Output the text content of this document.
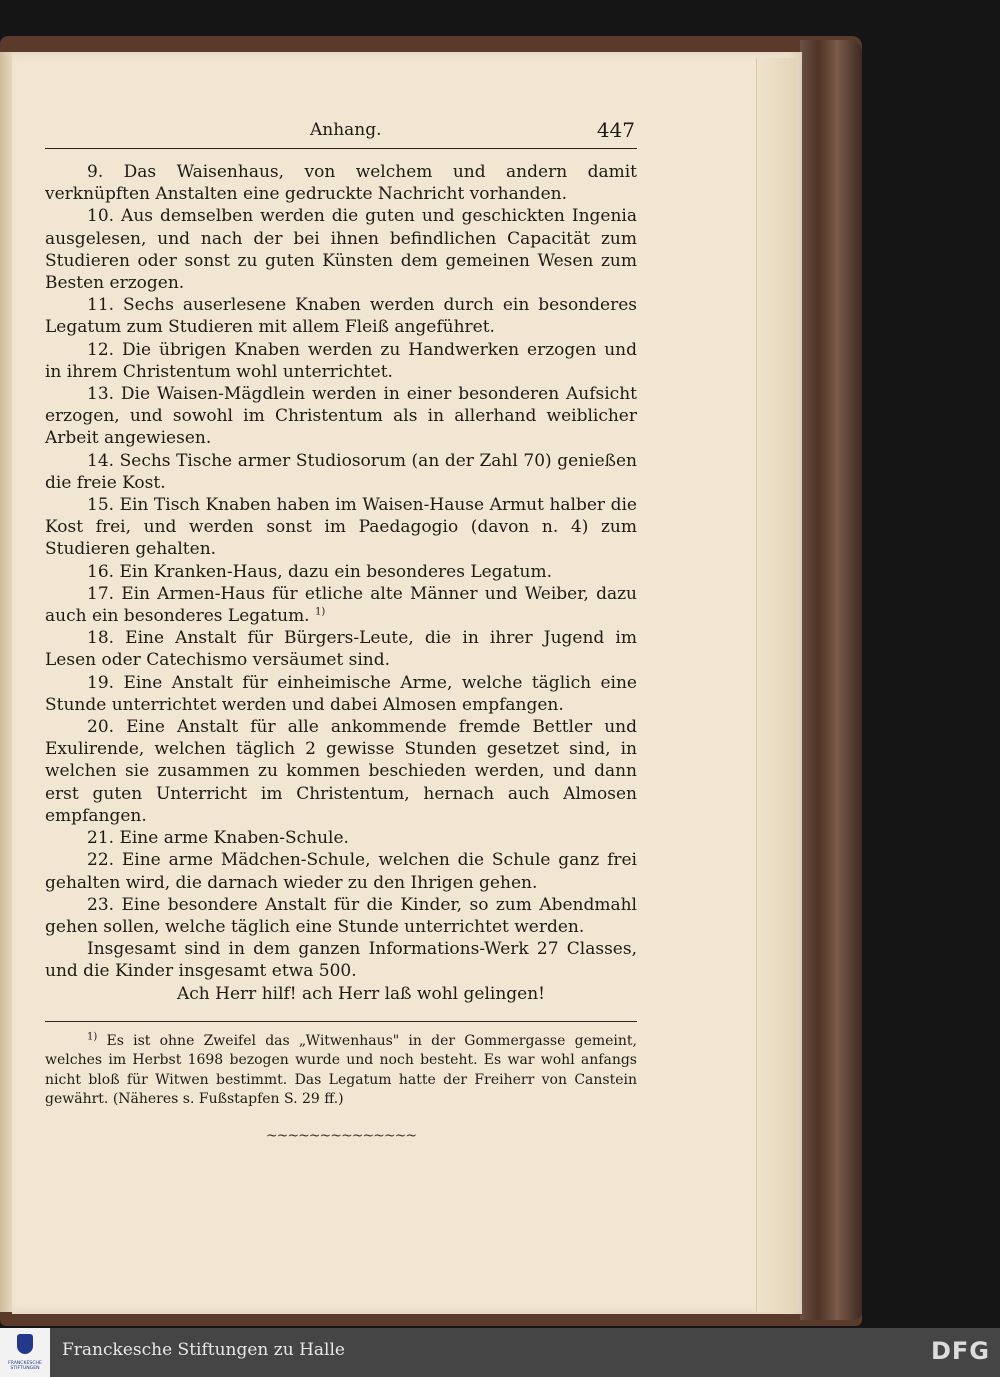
Anhang.	447

9. Das Waisenhaus, von welchem und andern damit verknüpften Anstalten eine gedruckte Nachricht vorhanden.

10. Aus demselben werden die guten und geschickten Ingenia ausgelesen, und nach der bei ihnen befindlichen Capacität zum Studieren oder sonst zu guten Künsten dem gemeinen Wesen zum Besten erzogen.

11. Sechs auserlesene Knaben werden durch ein besonderes Legatum zum Studieren mit allem Fleiß angeführet.

12. Die übrigen Knaben werden zu Handwerken erzogen und in ihrem Christentum wohl unterrichtet.

13. Die Waisen-Mägdlein werden in einer besonderen Aufsicht erzogen, und sowohl im Christentum als in allerhand weiblicher Arbeit angewiesen.

14. Sechs Tische armer Studiosorum (an der Zahl 70) genießen die freie Kost.

15. Ein Tisch Knaben haben im Waisen-Hause Armut halber die Kost frei, und werden sonst im Paedagogio (davon n. 4) zum Studieren gehalten.

16. Ein Kranken-Haus, dazu ein besonderes Legatum.

17. Ein Armen-Haus für etliche alte Männer und Weiber, dazu auch ein besonderes Legatum. $^{1)}$

18. Eine Anstalt für Bürgers-Leute, die in ihrer Jugend im Lesen oder Catechismo versäumet sind.

19. Eine Anstalt für einheimische Arme, welche täglich eine Stunde unterrichtet werden und dabei Almosen empfangen.

20. Eine Anstalt für alle ankommende fremde Bettler und Exulirende, welchen täglich 2 gewisse Stunden gesetzet sind, in welchen sie zusammen zu kommen beschieden werden, und dann erst guten Unterricht im Christentum, hernach auch Almosen empfangen.

21. Eine arme Knaben-Schule.

22. Eine arme Mädchen-Schule, welchen die Schule ganz frei gehalten wird, die darnach wieder zu den Ihrigen gehen.

23. Eine besondere Anstalt für die Kinder, so zum Abendmahl gehen sollen, welche täglich eine Stunde unterrichtet werden.

Insgesamt sind in dem ganzen Informations-Werk 27 Classes, und die Kinder insgesamt etwa 500.

Ach Herr hilf! ach Herr laß wohl gelingen!

$^{1)}$ Es ist ohne Zweifel das „Witwenhaus" in der Gommergasse gemeint, welches im Herbst 1698 bezogen wurde und noch besteht. Es war wohl anfangs nicht bloß für Witwen bestimmt. Das Legatum hatte der Freiherr von Canstein gewährt. (Näheres s. Fußstapfen S. 29 ff.)
~~~~~~~~~~~~~~
FRANCKESCHE STIFTUNGEN
Franckesche Stiftungen zu Halle	DFG
